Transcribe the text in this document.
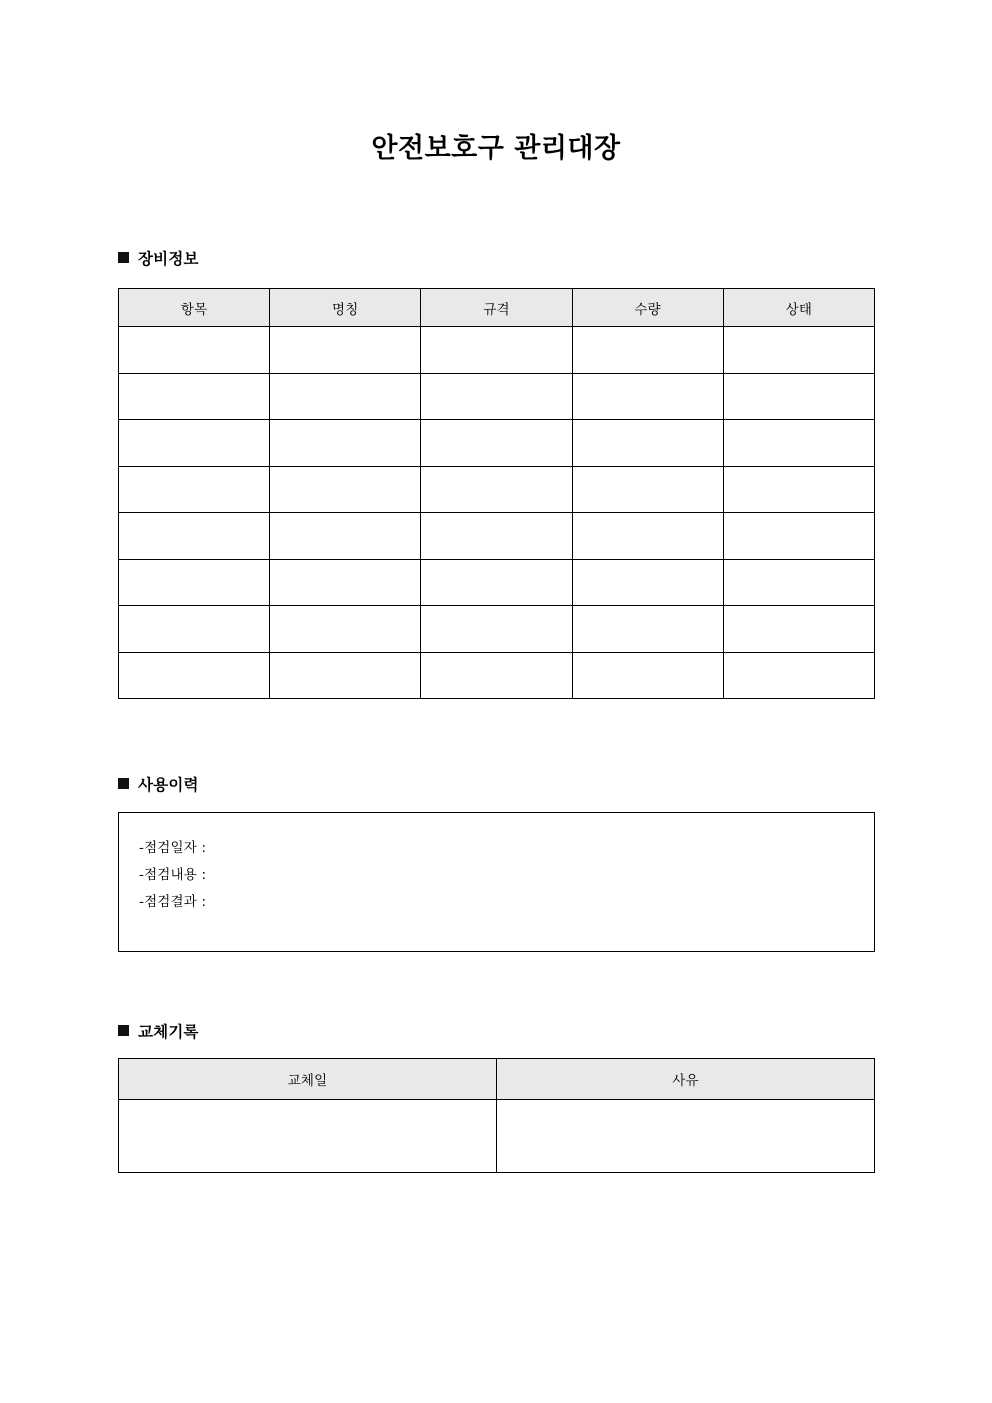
안전보호구 관리대장
장비정보
항목	명칭	규격	수량	상태

사용이력
-점검일자 :
-점검내용 :
-점검결과 :
교체기록
교체일	사유
